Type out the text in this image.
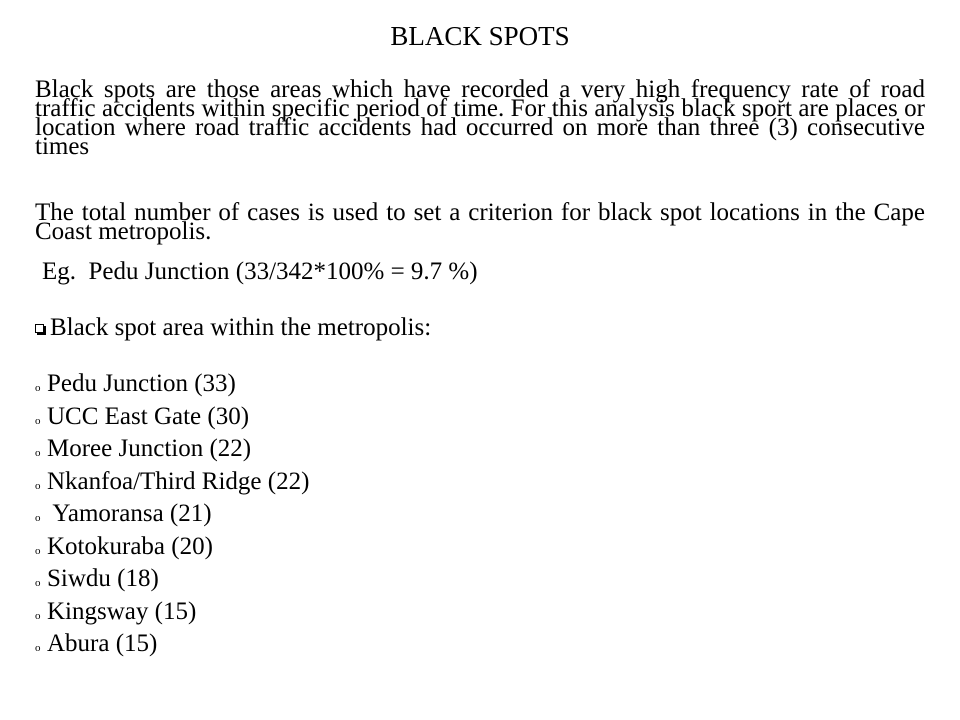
BLACK SPOTS
Black spots are those areas which have recorded a very high frequency rate of road traffic accidents within specific period of time. For this analysis black sport are places or location where road traffic accidents had occurred on more than three (3) consecutive times
The total number of cases is used to set a criterion for black spot locations in the Cape Coast metropolis.
Eg.  Pedu Junction (33/342*100% = 9.7 %)
Black spot area within the metropolis:
o Pedu Junction (33)
o UCC East Gate (30)
o Moree Junction (22)
o Nkanfoa/Third Ridge (22)
o Yamoransa (21)
o Kotokuraba (20)
o Siwdu (18)
o Kingsway (15)
o Abura (15)
